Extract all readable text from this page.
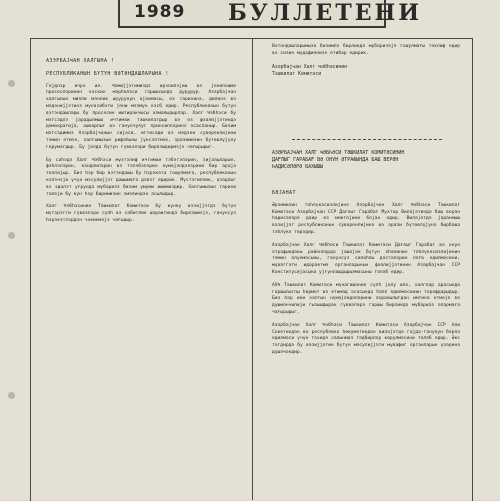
1989 БУЛЛЕТЕНИ

АЗЭРБАЈҸАН ХАЛГЫНА !

РЕСПУБЛИКАНЫН БҮТҮН ВӘТӘНДАШЛАРЫНА !

Гејдлэр ичрэ ил. Ҹэмијјэтимиздэ ирэлилэјиш вэ јениләшмә просесләринин кэскин мәрһәләси гаршысында дурурур. Азэрбајҹан халгынын милли мэнлик шүурунун ојанмасы, өз тарихинэ, дилинэ вэ мэдэнијјэтинэ мүнасибэти јени мэзмун кэсб едир. Республиканын бүтүн вэтэндашлары бу просесин иштиракчысы олмалыдырлар. Халг Ҹэбһэси бу мэгсэдлэ јарадылмыш ичтимаи тэшкилатдыр вэ өз фэалијјэтиндэ демократија, ашкарлыг вэ ганунчулуг принсиплэринэ әсасланыр. Бизим мэгсэдимиз Азэрбајҹанын сијаси, игтисади вэ мэдэни суверенлијини тэмин етмэк, халгымызын рифаһыны јүксэлтмэк, эразимизин бүтөвлүјүнү горумагдыр. Бу јолда бүтүн гүввэлэри бирлэшдирмэјэ чағырырыг.

Бу саһэдэ Халг Ҹэбһэси мүхтэлиф ичтимаи тэбэгэлэрин, зијалыларын, фэһлэлэрин, кәндлилэрин вэ тэлэбэлэрин нүмајэндэлэрини бир араја топлајыр. Биз һэр бир вэтэндашы бу һэрэката гошулмаға, республиканын кэлэҹэји үчүн мэсулијјэт дашымаға дэвэт едирик. Мүстэгиллик, азадлыг вэ эдалэт уғрунда мүбаризэ бизим умуми ишимиздир. Халгымызын тарихи талеји бу ҝүн һэр биримизин эмэлиндэн асылыдыр.

Халг Ҹэбһэсинин Тәшкилат Комитәси бу ҝүнкү вэзијјэтдэ бүтүн мүтэрэгги гүввэлэри сүлһ вэ сабитлик шэраитиндэ бирлэшмэјэ, ганунсуз һэрэкэтлэрдэн чэкинмэјэ чағырыр.

Вәтәндашларымыза бизимлә бирликдә мүбаризәјә гошулмағы тәклиф едир вә сизин мүдафиәнизә етибар едирик.

Азәрбајҹан Халг Ҹәбһәсинин

Тәшкилат Комитәси

АЗӘРБАЈҸАН ХАЛГ ҸӘБҺӘСИ ТӘШКИЛАТ КОМИТӘСИНИН

ДАҒЛЫГ ГАРАБАҒ ВӘ ОНУН ӘТРАФЫНДА БАШ ВЕРӘН

ҺАДИСӘЛӘРӘ БАХЫШЫ

БӘЈАНАТ

Әрзимизин тәһлүкәсизлијинә Азәрбајҹан Халг Ҹәбһәси Тәшкилат Комитәси Азәрбајҹан ССР Дағлыг Гарабағ Мухтар Вилајәтиндә баш верән һадисәләрә даир өз мөвгејини бәјан едир. Вилајәтдә јаранмыш вәзијјәт республиканын суверенлијинә вә әрази бүтөвлүјүнә бирбаша тәһлүкә төрәдир.

Азәрбајҹан Халг Ҹәбһәси Тәшкилат Комитәси Дағлыг Гарабағ вә онун әтрафындакы районларда јашајан бүтүн әһалинин тәһлүкәсизлијинин тәмин олунмасыны, ганунсуз силаһлы дәстәләрин ләғв едилмәсини, мүвәггәти идарәетмә органларынын фәалијјәтинин Азәрбајҹан ССР Конститусијасына ујғунлашдырылмасыны тәләб едир.

АХҸ Тәшкилат Комитәси мүнагишәнин сүлһ јолу илә, халглар арасында гаршылыглы һөрмәт вә етимад әсасында һәлл едилмәсинин тәрәфдарыдыр. Биз һәр ики халгын нүмајәндәләрини зоракылыгдан имтина етмәјә вә дүшмәнчилији гызышдыран гүввәләрә гаршы бирликдә мүбаризә апармаға чағырырыг.

Азәрбајҹан Халг Ҹәбһәси Тәшкилат Комитәси Азәрбајҹан ССР Али Советиндән вә республика һөкумәтиндән вилајәтдә гајда-ганунун бәрпа едилмәси үчүн тәхирә салынмаз тәдбирләр ҝөрүлмәсини тәләб едир. Әкс тәгдирдә бу вәзијјәтин бүтүн мәсулијјәти мүвафиг органларын үзәринә дүшәҹәкдир.
